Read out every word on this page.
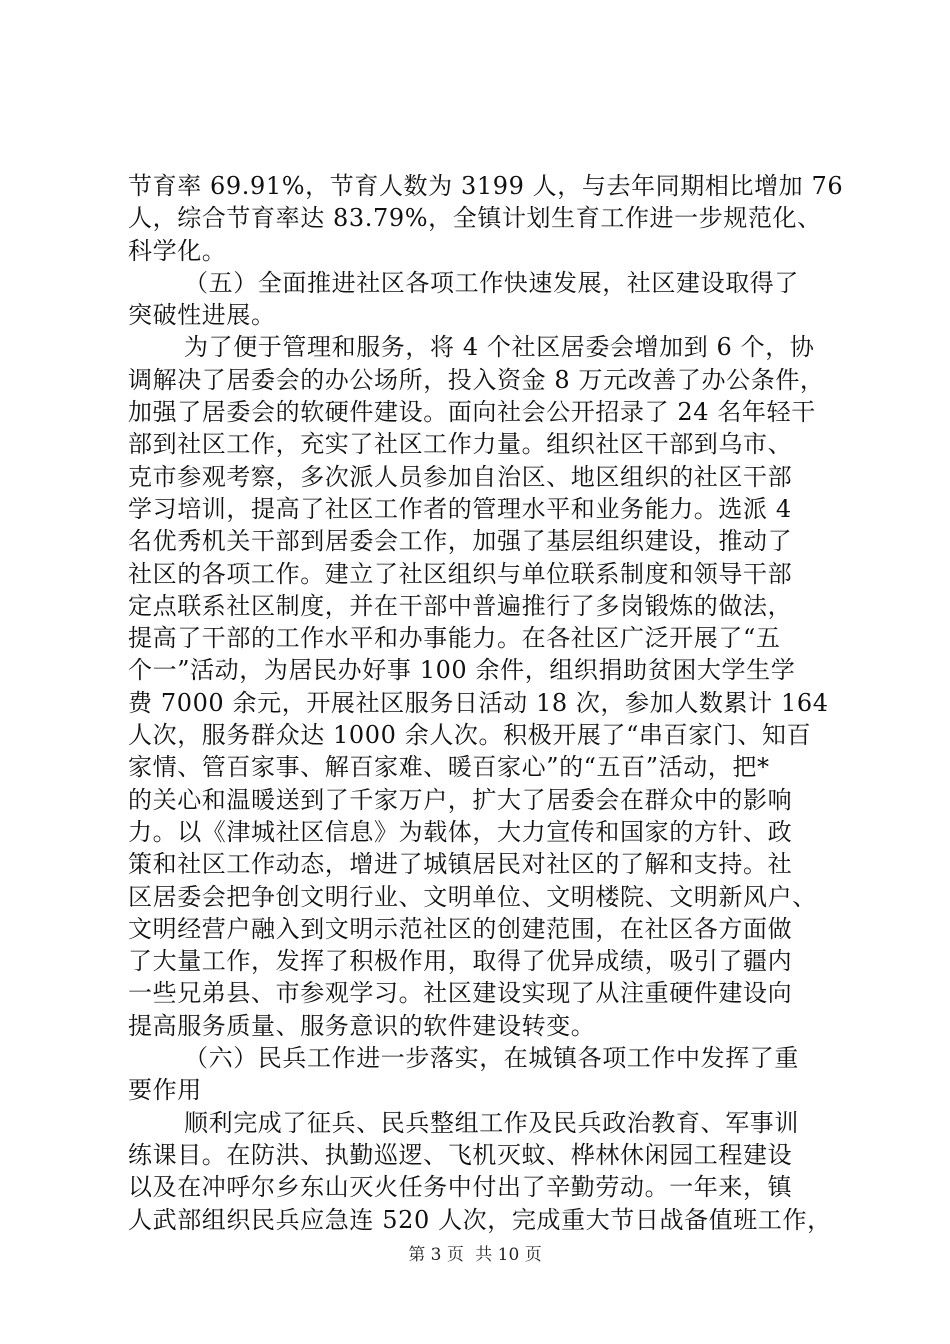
节育率 69.91%，节育人数为 3199 人，与去年同期相比增加 76
人，综合节育率达 83.79%，全镇计划生育工作进一步规范化、
科学化。
（五）全面推进社区各项工作快速发展，社区建设取得了
突破性进展。
为了便于管理和服务，将 4 个社区居委会增加到 6 个，协
调解决了居委会的办公场所，投入资金 8 万元改善了办公条件，
加强了居委会的软硬件建设。面向社会公开招录了 24 名年轻干
部到社区工作，充实了社区工作力量。组织社区干部到乌市、
克市参观考察，多次派人员参加自治区、地区组织的社区干部
学习培训，提高了社区工作者的管理水平和业务能力。选派 4
名优秀机关干部到居委会工作，加强了基层组织建设，推动了
社区的各项工作。建立了社区组织与单位联系制度和领导干部
定点联系社区制度，并在干部中普遍推行了多岗锻炼的做法，
提高了干部的工作水平和办事能力。在各社区广泛开展了“五
个一”活动，为居民办好事 100 余件，组织捐助贫困大学生学
费 7000 余元，开展社区服务日活动 18 次，参加人数累计 164
人次，服务群众达 1000 余人次。积极开展了“串百家门、知百
家情、管百家事、解百家难、暖百家心”的“五百”活动，把*
的关心和温暖送到了千家万户，扩大了居委会在群众中的影响
力。以《津城社区信息》为载体，大力宣传和国家的方针、政
策和社区工作动态，增进了城镇居民对社区的了解和支持。社
区居委会把争创文明行业、文明单位、文明楼院、文明新风户、
文明经营户融入到文明示范社区的创建范围，在社区各方面做
了大量工作，发挥了积极作用，取得了优异成绩，吸引了疆内
一些兄弟县、市参观学习。社区建设实现了从注重硬件建设向
提高服务质量、服务意识的软件建设转变。
（六）民兵工作进一步落实，在城镇各项工作中发挥了重
要作用
顺利完成了征兵、民兵整组工作及民兵政治教育、军事训
练课目。在防洪、执勤巡逻、飞机灭蚊、桦林休闲园工程建设
以及在冲呼尔乡东山灭火任务中付出了辛勤劳动。一年来，镇
人武部组织民兵应急连 520 人次，完成重大节日战备值班工作，
第 3 页 共 10 页
